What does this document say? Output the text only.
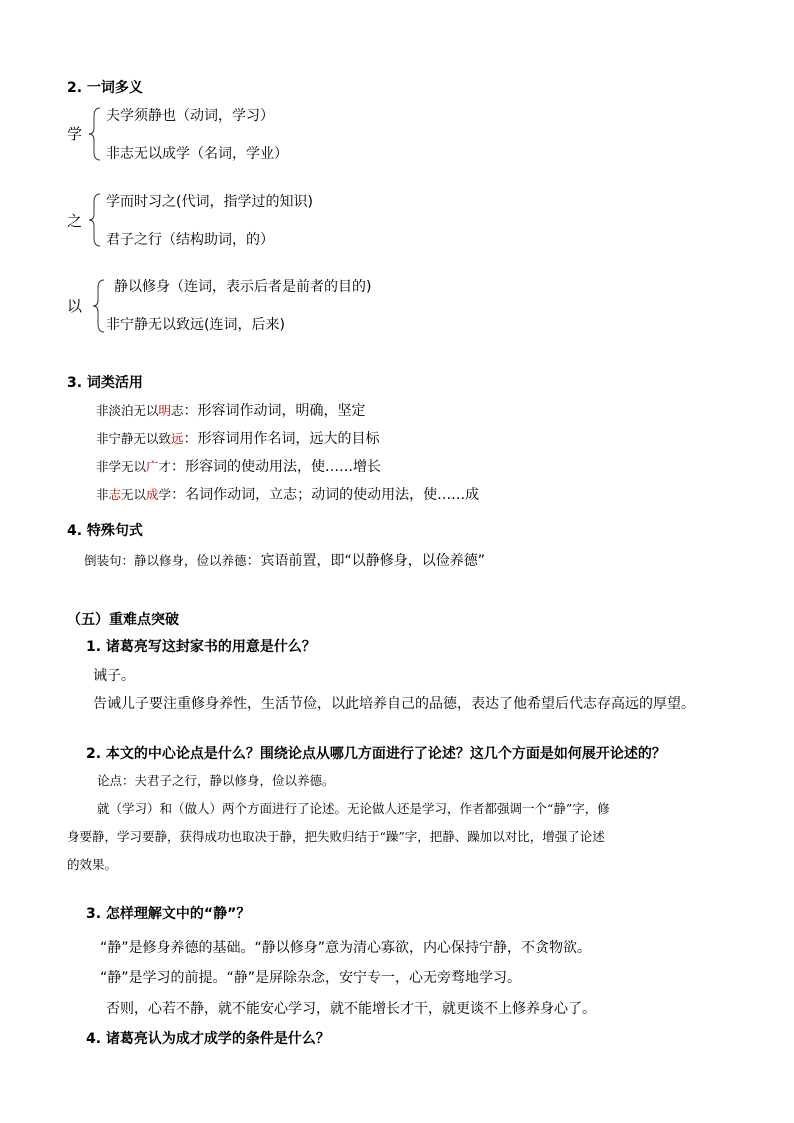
2. 一词多义
学
夫学须静也（动词，学习）
非志无以成学（名词，学业）
之
学而时习之(代词，指学过的知识)
君子之行（结构助词，的）
以
静以修身（连词，表示后者是前者的目的)
非宁静无以致远(连词，后来)
3. 词类活用
非淡泊无以明志：形容词作动词，明确，坚定
非宁静无以致远：形容词用作名词，远大的目标
非学无以广才：形容词的使动用法，使……增长
非志无以成学：名词作动词，立志；动词的使动用法，使……成
4. 特殊句式
倒装句：静以修身，俭以养德：宾语前置，即“以静修身，以俭养德”
（五）重难点突破
1. 诸葛亮写这封家书的用意是什么？
诫子。
告诫儿子要注重修身养性，生活节俭，以此培养自己的品德，表达了他希望后代志存高远的厚望。
2. 本文的中心论点是什么？围绕论点从哪几方面进行了论述？这几个方面是如何展开论述的？
论点：夫君子之行，静以修身，俭以养德。
就（学习）和（做人）两个方面进行了论述。无论做人还是学习，作者都强调一个“静”字，修
身要静，学习要静，获得成功也取决于静，把失败归结于“躁”字，把静、躁加以对比，增强了论述
的效果。
3. 怎样理解文中的“静”？
“静”是修身养德的基础。“静以修身”意为清心寡欲，内心保持宁静，不贪物欲。
“静”是学习的前提。“静”是屏除杂念，安宁专一，心无旁骛地学习。
否则，心若不静，就不能安心学习，就不能增长才干，就更谈不上修养身心了。
4. 诸葛亮认为成才成学的条件是什么？
